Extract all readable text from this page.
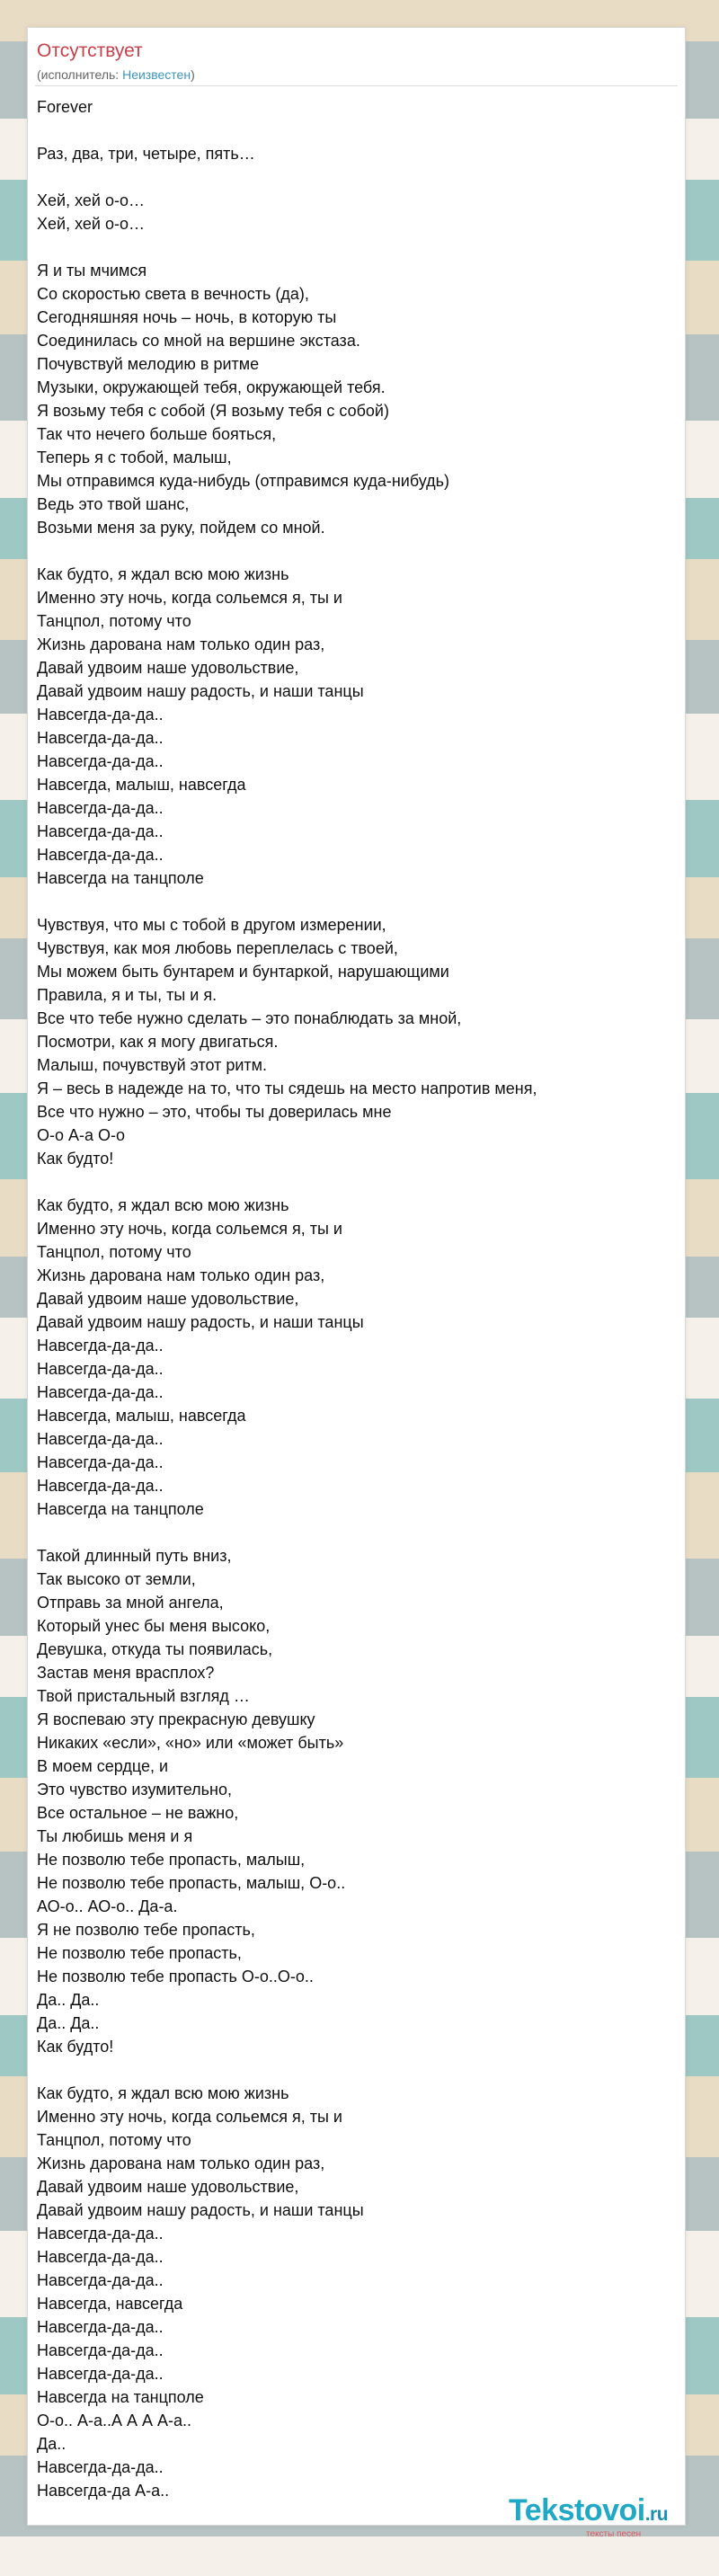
Отсутствует
(исполнитель: Неизвестен)
Forever
Раз, два, три, четыре, пять…
Хей, хей о-о…
Хей, хей о-о…
Я и ты мчимся
Со скоростью света в вечность (да),
Сегодняшняя ночь – ночь, в которую ты
Соединилась со мной на вершине экстаза.
Почувствуй мелодию в ритме
Музыки, окружающей тебя, окружающей тебя.
Я возьму тебя с собой (Я возьму тебя с собой)
Так что нечего больше бояться,
Теперь я с тобой, малыш,
Мы отправимся куда-нибудь (отправимся куда-нибудь)
Ведь это твой шанс,
Возьми меня за руку, пойдем со мной.
Как будто, я ждал всю мою жизнь
Именно эту ночь, когда сольемся я, ты и
Танцпол, потому что
Жизнь дарована нам только один раз,
Давай удвоим наше удовольствие,
Давай удвоим нашу радость, и наши танцы
Навсегда-да-да..
Навсегда-да-да..
Навсегда-да-да..
Навсегда, малыш, навсегда
Навсегда-да-да..
Навсегда-да-да..
Навсегда-да-да..
Навсегда на танцполе
Чувствуя, что мы с тобой в другом измерении,
Чувствуя, как моя любовь переплелась с твоей,
Мы можем быть бунтарем и бунтаркой, нарушающими
Правила, я и ты, ты и я.
Все что тебе нужно сделать – это понаблюдать за мной,
Посмотри, как я могу двигаться.
Малыш, почувствуй этот ритм.
Я – весь в надежде на то, что ты сядешь на место напротив меня,
Все что нужно – это, чтобы ты доверилась мне
О-о А-а О-о
Как будто!
Как будто, я ждал всю мою жизнь
Именно эту ночь, когда сольемся я, ты и
Танцпол, потому что
Жизнь дарована нам только один раз,
Давай удвоим наше удовольствие,
Давай удвоим нашу радость, и наши танцы
Навсегда-да-да..
Навсегда-да-да..
Навсегда-да-да..
Навсегда, малыш, навсегда
Навсегда-да-да..
Навсегда-да-да..
Навсегда-да-да..
Навсегда на танцполе
Такой длинный путь вниз,
Так высоко от земли,
Отправь за мной ангела,
Который унес бы меня высоко,
Девушка, откуда ты появилась,
Застав меня врасплох?
Твой пристальный взгляд …
Я воспеваю эту прекрасную девушку
Никаких «если», «но» или «может быть»
В моем сердце, и
Это чувство изумительно,
Все остальное – не важно,
Ты любишь меня и я
Не позволю тебе пропасть, малыш,
Не позволю тебе пропасть, малыш, О-о..
АО-о.. АО-о.. Да-а.
Я не позволю тебе пропасть,
Не позволю тебе пропасть,
Не позволю тебе пропасть О-о..О-о..
Да.. Да..
Да.. Да..
Как будто!
Как будто, я ждал всю мою жизнь
Именно эту ночь, когда сольемся я, ты и
Танцпол, потому что
Жизнь дарована нам только один раз,
Давай удвоим наше удовольствие,
Давай удвоим нашу радость, и наши танцы
Навсегда-да-да..
Навсегда-да-да..
Навсегда-да-да..
Навсегда, навсегда
Навсегда-да-да..
Навсегда-да-да..
Навсегда-да-да..
Навсегда на танцполе
О-о.. А-а..А А А А-а..
Да..
Навсегда-да-да..
Навсегда-да А-а..
Tekstovoi.ru
тексты песен
